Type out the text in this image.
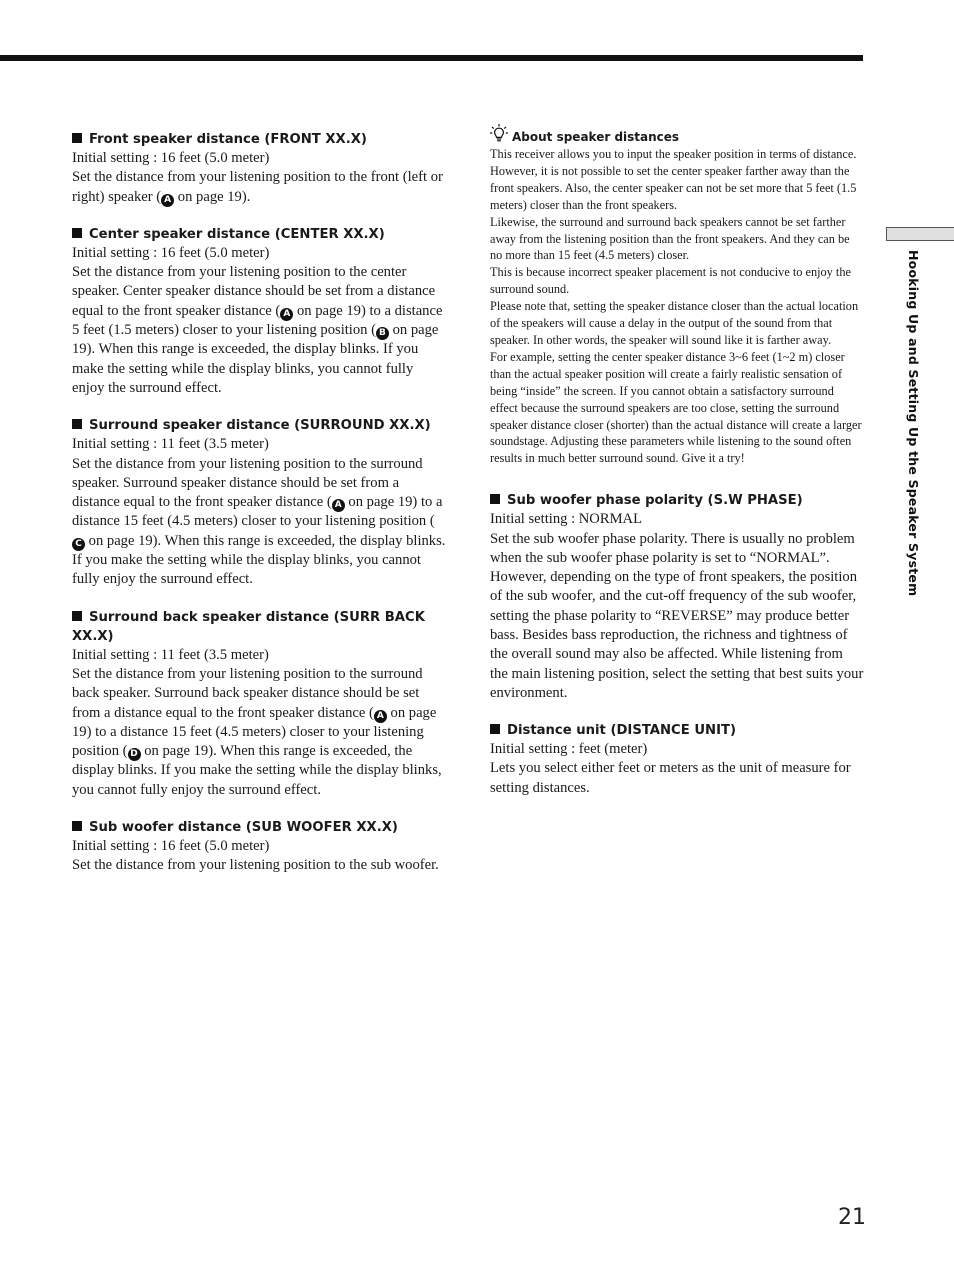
Front speaker distance (FRONT XX.X)

Initial setting : 16 feet (5.0 meter)

Set the distance from your listening position to the front (left or right) speaker ( A on page 19).

Center speaker distance (CENTER XX.X)

Initial setting : 16 feet (5.0 meter)

Set the distance from your listening position to the center speaker. Center speaker distance should be set from a distance equal to the front speaker distance ( A on page 19) to a distance 5 feet (1.5 meters) closer to your listening position ( B on page 19). When this range is exceeded, the display blinks. If you make the setting while the display blinks, you cannot fully enjoy the surround effect.

Surround speaker distance (SURROUND XX.X)

Initial setting : 11 feet (3.5 meter)

Set the distance from your listening position to the surround speaker. Surround speaker distance should be set from a distance equal to the front speaker distance ( A on page 19) to a distance 15 feet (4.5 meters) closer to your listening position (C on page 19). When this range is exceeded, the display blinks. If you make the setting while the display blinks, you cannot fully enjoy the surround effect.

Surround back speaker distance (SURR BACK XX.X)

Initial setting : 11 feet (3.5 meter)

Set the distance from your listening position to the surround back speaker. Surround back speaker distance should be set from a distance equal to the front speaker distance ( A on page 19) to a distance 15 feet (4.5 meters) closer to your listening position ( D on page 19). When this range is exceeded, the display blinks. If you make the setting while the display blinks, you cannot fully enjoy the surround effect.

Sub woofer distance (SUB WOOFER XX.X)

Initial setting : 16 feet (5.0 meter)

Set the distance from your listening position to the sub woofer.

About speaker distances

This receiver allows you to input the speaker position in terms of distance. However, it is not possible to set the center speaker farther away than the front speakers. Also, the center speaker can not be set more that 5 feet (1.5 meters) closer than the front speakers.

Likewise, the surround and surround back speakers cannot be set farther away from the listening position than the front speakers. And they can be no more than 15 feet (4.5 meters) closer.

This is because incorrect speaker placement is not conducive to enjoy the surround sound.

Please note that, setting the speaker distance closer than the actual location of the speakers will cause a delay in the output of the sound from that speaker. In other words, the speaker will sound like it is farther away.

For example, setting the center speaker distance 3~6 feet (1~2 m) closer than the actual speaker position will create a fairly realistic sensation of being “inside” the screen. If you cannot obtain a satisfactory surround effect because the surround speakers are too close, setting the surround speaker distance closer (shorter) than the actual distance will create a larger soundstage. Adjusting these parameters while listening to the sound often results in much better surround sound. Give it a try!

Sub woofer phase polarity (S.W PHASE)

Initial setting : NORMAL

Set the sub woofer phase polarity. There is usually no problem when the sub woofer phase polarity is set to “NORMAL”. However, depending on the type of front speakers, the position of the sub woofer, and the cut-off frequency of the sub woofer, setting the phase polarity to “REVERSE” may produce better bass. Besides bass reproduction, the richness and tightness of the overall sound may also be affected. While listening from the main listening position, select the setting that best suits your environment.

Distance unit (DISTANCE UNIT)

Initial setting : feet (meter)

Lets you select either feet or meters as the unit of measure for setting distances.

Hooking Up and Setting Up the Speaker System
21
